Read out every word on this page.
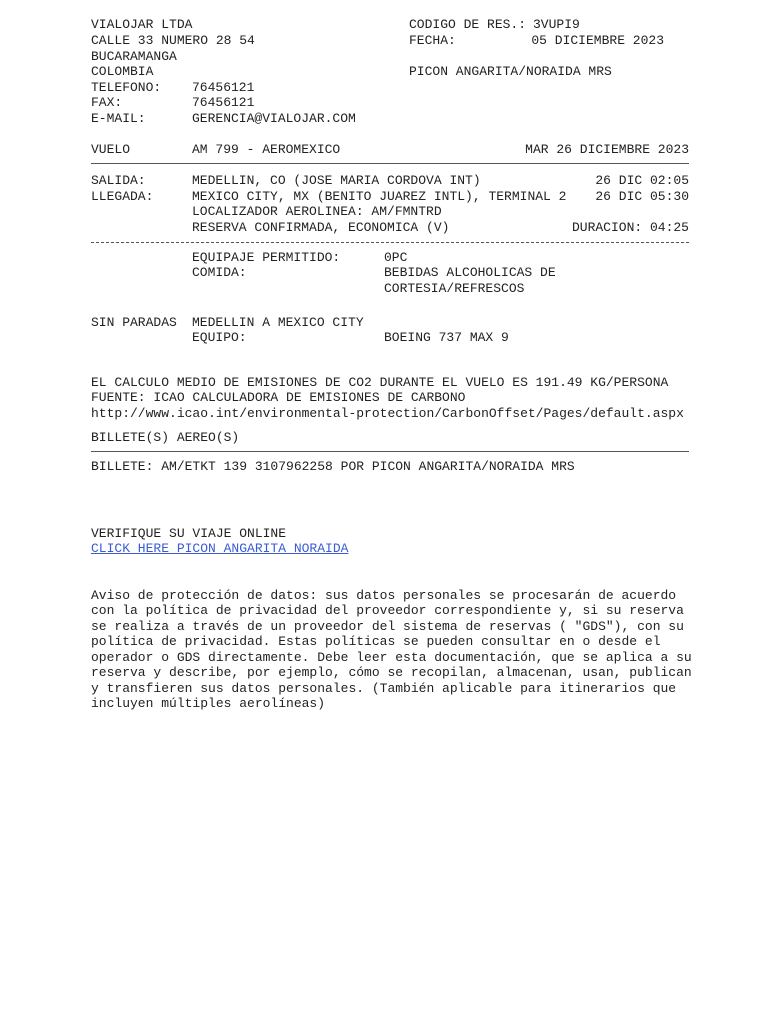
VIALOJAR LTDA
CALLE 33 NUMERO 28 54
BUCARAMANGA
COLOMBIA
TELEFONO: 76456121
FAX:	76456121
E-MAIL:	GERENCIA@VIALOJAR.COM
CODIGO DE RES.: 3VUPI9
FECHA:	05 DICIEMBRE 2023
PICON ANGARITA/NORAIDA MRS
VUELO	AM 799 - AEROMEXICO	MAR 26 DICIEMBRE 2023
SALIDA:	MEDELLIN, CO (JOSE MARIA CORDOVA INT)	26 DIC 02:05
LLEGADA:	MEXICO CITY, MX (BENITO JUAREZ INTL), TERMINAL 2 26 DIC 05:30
LOCALIZADOR AEROLINEA: AM/FMNTRD
RESERVA CONFIRMADA, ECONOMICA (V)	DURACION: 04:25
EQUIPAJE PERMITIDO:	0PC
COMIDA:	BEBIDAS ALCOHOLICAS DE
CORTESIA/REFRESCOS
SIN PARADAS MEDELLIN A MEXICO CITY
EQUIPO:	BOEING 737 MAX 9
EL CALCULO MEDIO DE EMISIONES DE CO2 DURANTE EL VUELO ES 191.49 KG/PERSONA
FUENTE: ICAO CALCULADORA DE EMISIONES DE CARBONO
http://www.icao.int/environmental-protection/CarbonOffset/Pages/default.aspx
BILLETE(S) AEREO(S)
BILLETE: AM/ETKT 139 3107962258 POR PICON ANGARITA/NORAIDA MRS
VERIFIQUE SU VIAJE ONLINE
CLICK HERE PICON ANGARITA NORAIDA
Aviso de protección de datos: sus datos personales se procesarán de acuerdo
con la política de privacidad del proveedor correspondiente y, si su reserva
se realiza a través de un proveedor del sistema de reservas ( "GDS"), con su
política de privacidad. Estas políticas se pueden consultar en o desde el
operador o GDS directamente. Debe leer esta documentación, que se aplica a su
reserva y describe, por ejemplo, cómo se recopilan, almacenan, usan, publican
y transfieren sus datos personales. (También aplicable para itinerarios que
incluyen múltiples aerolíneas)
